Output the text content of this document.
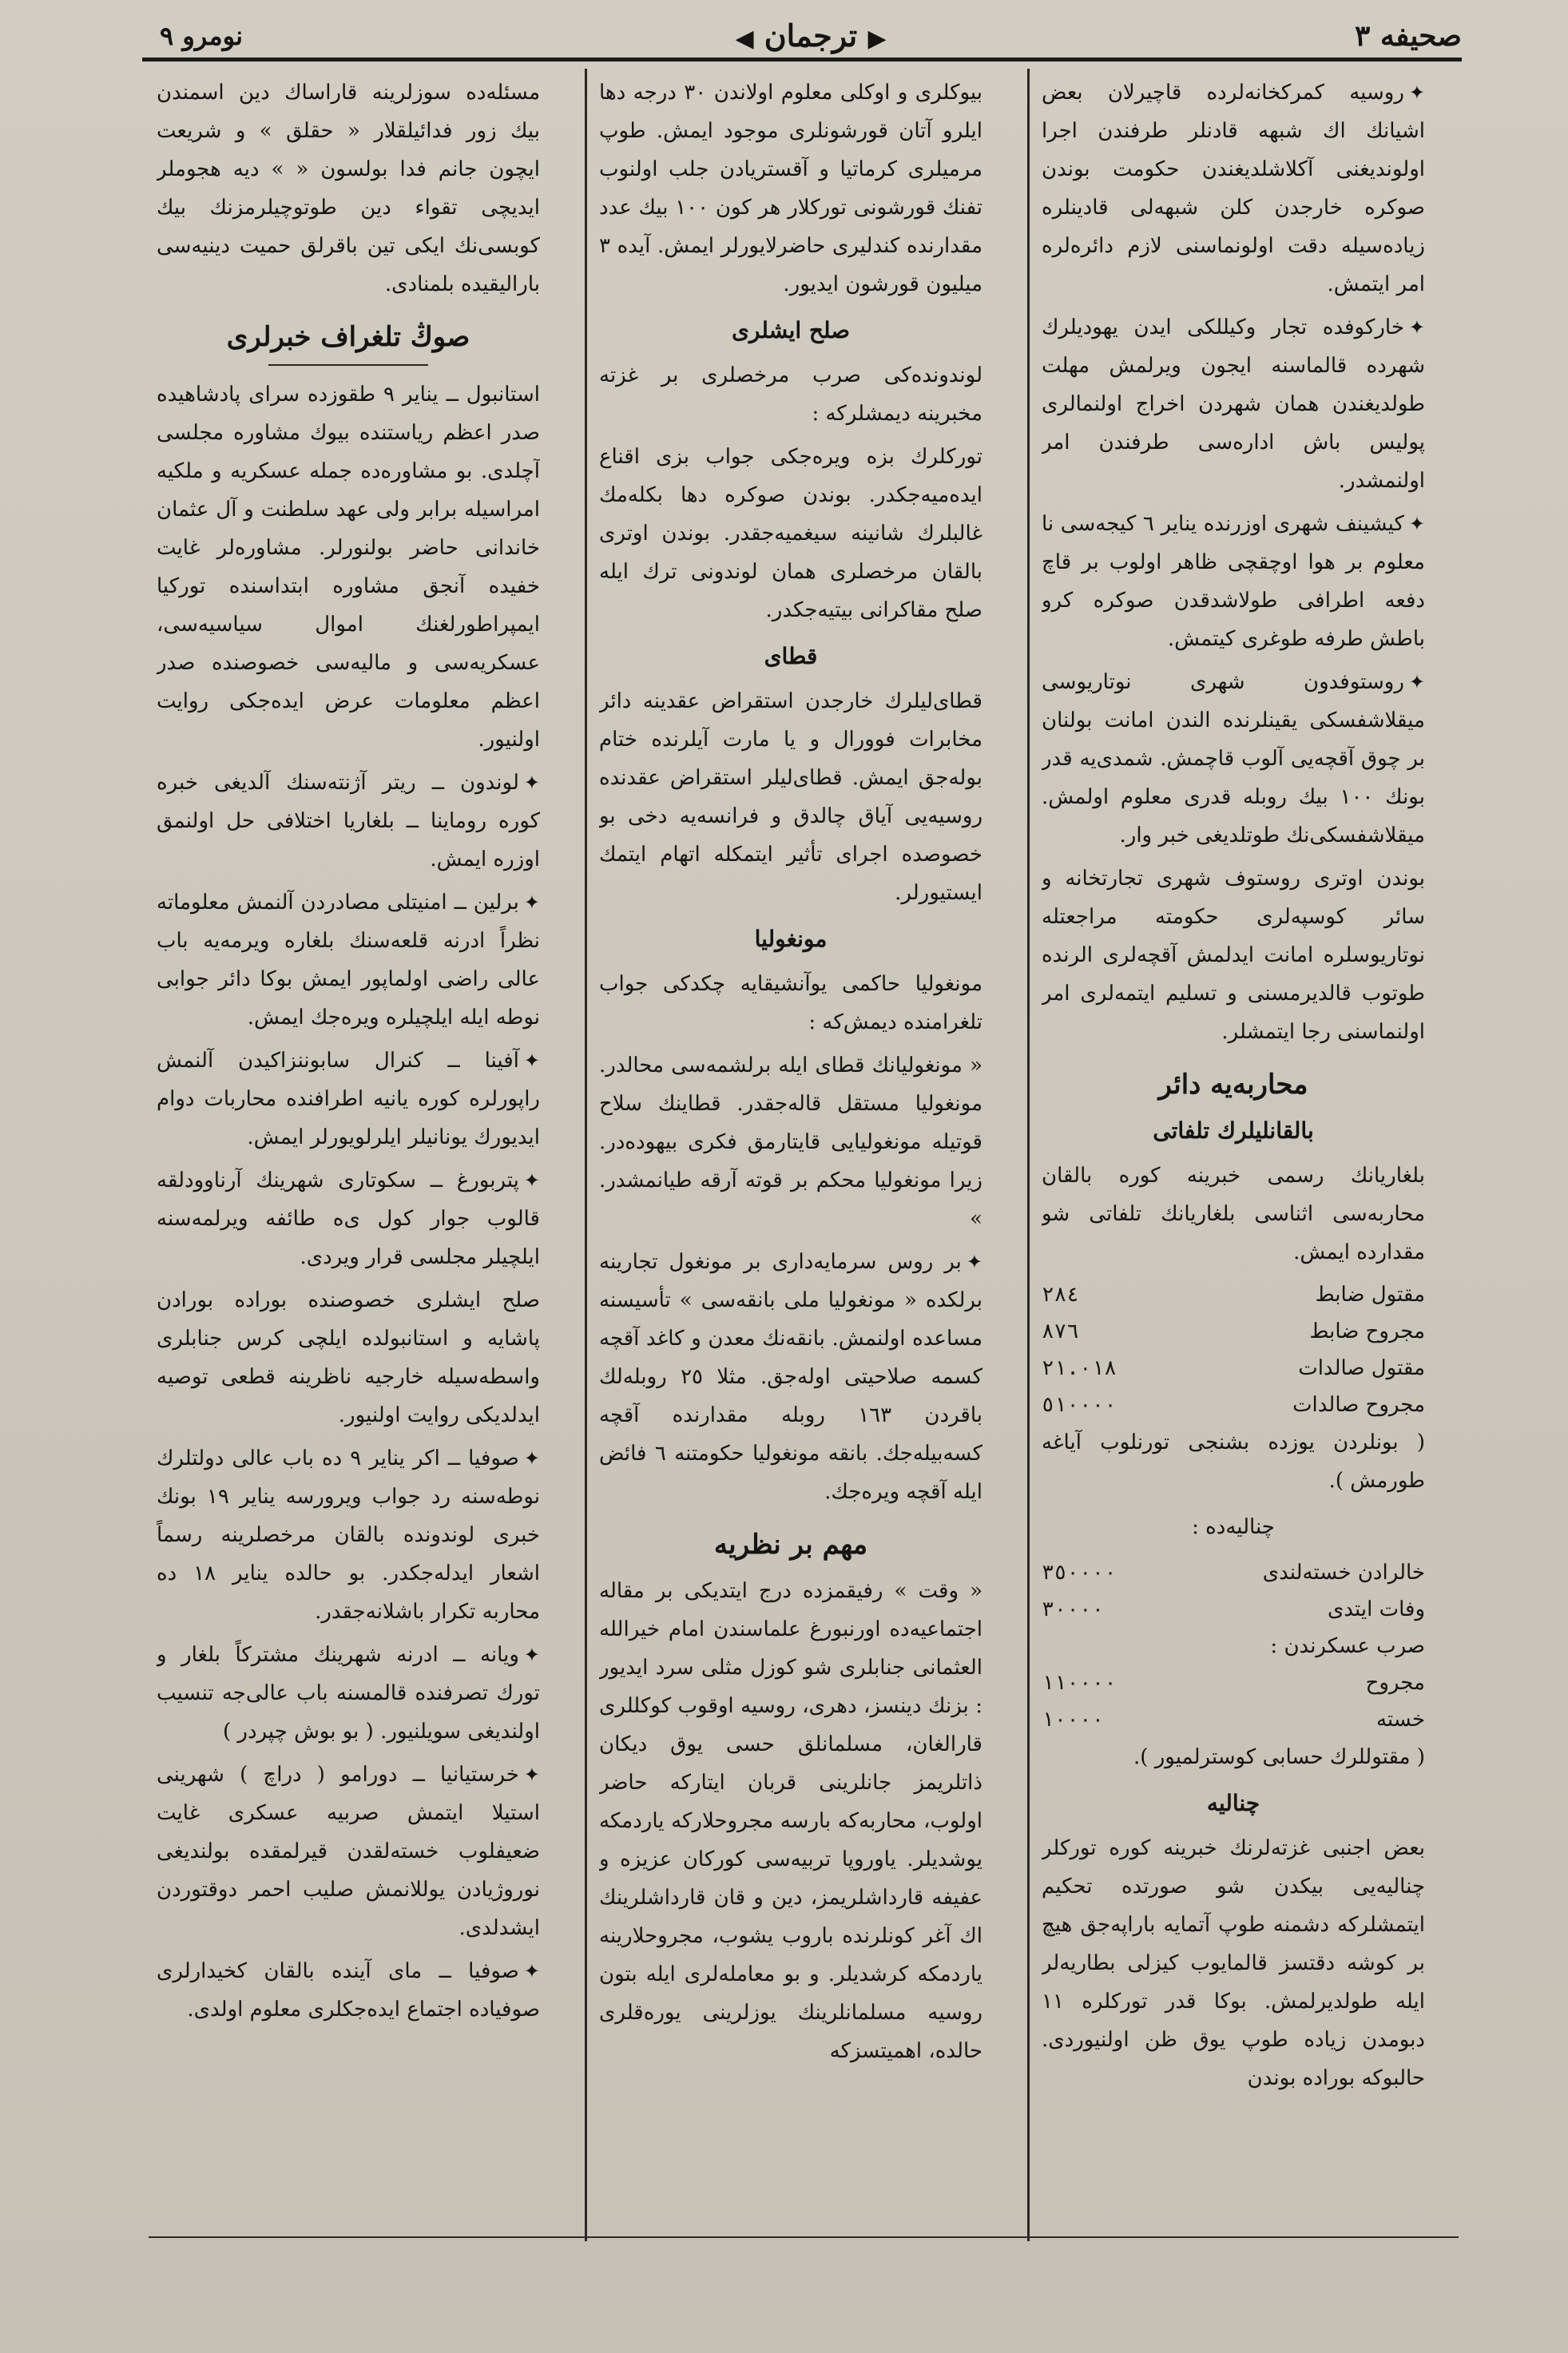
صحيفه ٣
▶ ترجمان ◀
نومرو ٩

✦روسيه كمركخانه‌لرده قاچيرلان بعض اشيانك اك شبهه قادنلر طرفندن اجرا اولونديغنى آكلاشلديغندن حكومت بوندن صوكره خارجدن كلن شبهه‌لى قادينلره زياده‌سيله دقت اولونماسنى لازم دائره‌لره امر ايتمش.

✦خاركوفده تجار وكيللكى ايدن يهوديلرك شهرده قالماسنه ايجون ويرلمش مهلت طولديغندن همان شهردن اخراج اولنمالرى پوليس باش اداره‌سى طرفندن امر اولنمشدر.

✦كيشينف شهرى اوزرنده يناير ٦ كيجه‌سى نا معلوم بر هوا اوچقچى ظاهر اولوب بر قاچ دفعه اطرافى طولاشدقدن صوكره كرو باطش طرفه طوغرى كيتمش.

✦روستوفدون شهرى نوتاريوسى ميقلاشفسكى يقينلرنده الندن امانت بولنان بر چوق آقچه‌يى آلوب قاچمش. شمدى‌يه قدر بونك ١٠٠ بيك روبله قدرى معلوم اولمش. ميقلاشفسكى‌نك طوتلديغى خبر وار.

بوندن اوترى روستوف شهرى تجارتخانه و سائر كوسپه‌لرى حكومته مراجعتله نوتاريوسلره امانت ايدلمش آقچه‌لرى الرنده طوتوب قالديرمسنى و تسليم ايتمه‌لرى امر اولنماسنى رجا ايتمشلر.

محاربه‌يه دائر
بالقانليلرك تلفاتى

بلغاريانك رسمى خبرينه كوره بالقان محاربه‌سى اثناسى بلغاريانك تلفاتى شو مقدارده ايمش.

مقتول ضابط
٢٨٤
مجروح ضابط
٨٧٦
مقتول صالدات
٢١.٠١٨
مجروح صالدات
٥١٠٠٠٠

( بونلردن يوزده بشنجى تورنلوب آياغه طورمش ).

چناليه‌ده :
خالرادن خسته‌لندى
٣٥٠٠٠٠
وفات ايتدى
٣٠٠٠٠
صرب عسكرندن :
مجروح
١١٠٠٠٠
خسته
١٠٠٠٠

( مقتوللرك حسابى كوسترلميور ).

چناليه

بعض اجنبى غزته‌لرنك خبرينه كوره توركلر چناليه‌يى بيكدن شو صورتده تحكيم ايتمشلركه دشمنه طوپ آتمايه باراپه‌جق هيچ بر كوشه دقتسز قالمايوب كيزلى بطاريه‌لر ايله طولديرلمش. بوكا قدر توركلره ١١ دبومدن زياده طوپ يوق ظن اولنيوردى. حالبوكه بوراده بوندن

بيوكلرى و اوكلى معلوم اولاندن ٣٠ درجه دها ايلرو آتان قورشونلرى موجود ايمش. طوپ مرميلرى كرماتيا و آقستريادن جلب اولنوب تفنك قورشونى توركلار هر كون ١٠٠ بيك عدد مقدارنده كندليرى حاضرلايورلر ايمش. آيده ٣ ميليون قورشون ايديور.

صلح ايشلرى

لوندونده‌كى صرب مرخصلرى بر غزته مخبرينه ديمشلركه :

توركلرك بزه ويره‌جكى جواب بزى اقناع ايده‌ميه‌جكدر. بوندن صوكره دها بكله‌مك غالبلرك شانينه سيغميه‌جقدر. بوندن اوترى بالقان مرخصلرى همان لوندونى ترك ايله صلح مقاكرانى بيتيه‌جكدر.

قطاى

قطاى‌ليلرك خارجدن استقراض عقدينه دائر مخابرات فوورال و يا مارت آيلرنده ختام بوله‌جق ايمش. قطاى‌ليلر استقراض عقدنده روسيه‌يى آياق چالدق و فرانسه‌يه دخى بو خصوصده اجراى تأثير ايتمكله اتهام ايتمك ايستيورلر.

مونغوليا

مونغوليا حاكمى يوآنشيقايه چكدكى جواب تلغرامنده ديمش‌كه :

« مونغوليانك قطاى ايله برلشمه‌سى محالدر. مونغوليا مستقل قاله‌جقدر. قطاينك سلاح قوتيله مونغوليايى قايتارمق فكرى بيهوده‌در. زيرا مونغوليا محكم بر قوته آرقه طيانمشدر. »

✦بر روس سرمايه‌دارى بر مونغول تجارينه برلكده « مونغوليا ملى بانقه‌سى » تأسيسنه مساعده اولنمش. بانقه‌نك معدن و كاغد آقچه كسمه صلاحيتى اوله‌جق. مثلا ٢٥ روبله‌لك باقردن ١٦٣ روبله مقدارنده آقچه كسه‌بيله‌جك. بانقه مونغوليا حكومتنه ٦ فائض ايله آقچه ويره‌جك.

مهم بر نظريه

« وقت » رفيقمزده درج ايتديكى بر مقاله اجتماعيه‌ده اورنبورغ علماسندن امام خيرالله العثمانى جنابلرى شو كوزل مثلى سرد ايديور : بزنك دينسز، دهرى، روسيه اوقوب كوكللرى قارالغان، مسلمانلق حسى يوق ديكان ذاتلريمز جانلرينى قربان ايتاركه حاضر اولوب، محاربه‌كه بارسه مجروحلاركه يارد‌مكه يوشديلر. ياوروپا تربيه‌سى كوركان عزيزه و عفيفه قارداشلريمز، دين و قان قارداشلرينك اك آغر كونلرنده باروب يشوب، مجروحلارينه ياردمكه كرشديلر. و بو معامله‌لرى ايله بتون روسيه مسلمانلرينك يوزلرينى يوره‌قلرى حالده، اهميتسزكه

مسئله‌ده سوزلرينه قاراساك دين اسمندن بيك زور فدائيلقلار « حقلق » و شريعت ايچون جانم فدا بولسون « » ديه هجوملر ايديچى تقواء دين طوتوچيلرمزنك بيك كوبسى‌نك ايكى تين باقرلق حميت دينيه‌سى باراليقيده بلمنادى.

صوڭ تلغراف خبرلرى

استانبول ــ يناير ٩ طقوزده سراى پادشاهيده صدر اعظم رياستنده بيوك مشاوره مجلسى آچلدى. بو مشاوره‌ده جمله عسكريه و ملكيه امراسيله برابر ولى عهد سلطنت و آل عثمان خاندانى حاضر بولنورلر. مشاوره‌لر غايت خفيده آنجق مشاوره ابتداسنده توركيا ايمپراطورلغنك اموال سياسيه‌سى، عسكريه‌سى و ماليه‌سى خصوصنده صدر اعظم معلومات عرض ايده‌جكى روايت اولنيور.

✦لوندون ــ ريتر آژنته‌سنك آلديغى خبره كوره روماينا ــ بلغاريا اختلافى حل اولنمق اوزره ايمش.

✦برلين ــ امنيتلى مصادردن آلنمش معلوماته نظراً ادرنه قلعه‌سنك بلغاره ويرمه‌يه باب عالى راضى اولماپور ايمش بوكا دائر جوابى نوطه ايله ايلچيلره ويره‌جك ايمش.

✦آفينا ــ كنرال سابوننزاكيدن آلنمش راپورلره كوره يانيه اطرافنده محاربات دوام ايديورك يونانيلر ايلرلويورلر ايمش.

✦پتربورغ ــ سكوتارى شهرينك آرناوودلقه قالوب جوار كول ‌ى‌ه طائفه ويرلمه‌سنه ايلچيلر مجلسى قرار ويردى.

صلح ايشلرى خصوصنده بوراده بورادن پاشايه و استانبولده ايلچى كرس جنابلرى واسطه‌سيله خارجيه ناظرينه قطعى توصيه ايدلديكى روايت اولنيور.

✦صوفيا ــ اكر يناير ٩ ده باب عالى دولتلرك نوطه‌سنه رد جواب ويرورسه يناير ١٩ بونك خبرى لوندونده بالقان مرخصلرينه رسماً اشعار ايدله‌جكدر. بو حالده يناير ١٨ ده محاربه تكرار باشلانه‌جقدر.

✦ويانه ــ ادرنه شهرينك مشتركاً بلغار و تورك تصرفنده قالمسنه باب عالى‌جه تنسيب اولنديغى سويلنيور. ( بو بوش چپردر )

✦خرستيانيا ــ دورامو ( دراچ ) شهرينى استيلا ايتمش صربيه عسكرى غايت ضعيفلوب خسته‌لقدن قيرلمقده بولنديغى نوروژيادن يوللانمش صليب احمر دوقتوردن ايشدلدى.

✦صوفيا ــ ماى آينده بالقان كخيدارلرى صوفياده اجتماع ايده‌جكلرى معلوم اولدى.
